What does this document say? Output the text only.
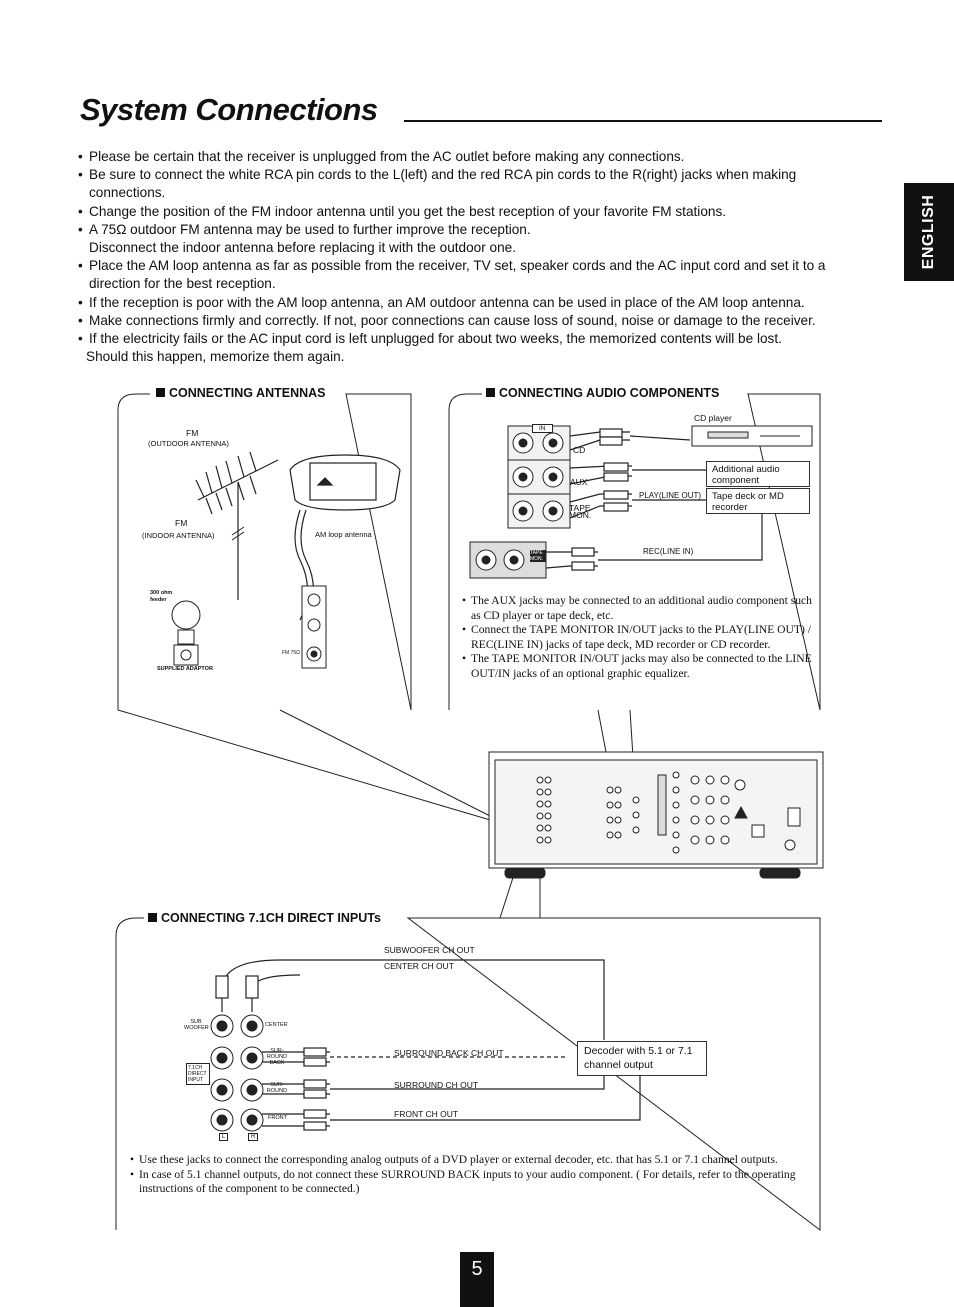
System Connections
ENGLISH
• Please be certain that the receiver is unplugged from the AC outlet before making any connections.
• Be sure to connect the white RCA pin cords to the L(left) and the red RCA pin cords to the R(right) jacks when making connections.
• Change the position of the FM indoor antenna until you get the best reception of your favorite FM stations.
• A 75Ω outdoor FM antenna may be used to further improve the reception.
Disconnect the indoor antenna before replacing it with the outdoor one.
• Place the AM loop antenna as far as possible from the receiver, TV set, speaker cords and the AC input cord and set it to a direction for the best reception.
• If the reception is poor with the AM loop antenna, an AM outdoor antenna can be used in place of the AM loop antenna.
• Make connections firmly and correctly. If not, poor connections can cause loss of sound, noise or damage to the receiver.
• If the electricity fails or the AC input cord is left unplugged for about two weeks, the memorized contents will be lost.
Should this happen, memorize them again.
CONNECTING ANTENNAS	CONNECTING AUDIO COMPONENTS
CONNECTING 7.1CH DIRECT INPUTs
FM
(OUTDOOR ANTENNA)
FM
(INDOOR ANTENNA)	AM loop antenna
300 ohm feeder
SUPPLIED ADAPTOR
FM 75Ω
CD player
IN
CD
AUX
TAPE MON.
PLAY(LINE OUT)
REC(LINE IN)
TAPE MON.
Additional audio component
Tape deck or MD recorder
• The AUX jacks may be connected to an additional audio component such as CD player or tape deck, etc.
• Connect the TAPE MONITOR IN/OUT jacks to the PLAY(LINE OUT) / REC(LINE IN) jacks of tape deck, MD recorder or CD recorder.
• The TAPE MONITOR IN/OUT jacks may also be connected to the LINE OUT/IN jacks of an optional graphic equalizer.
SUBWOOFER CH OUT
CENTER CH OUT
SURROUND BACK CH OUT
SURROUND CH OUT
FRONT CH OUT
Decoder with 5.1 or 7.1 channel output
SUB WOOFER	CENTER
SUR-ROUND BACK
SUR-ROUND
FRONT
7.1CH DIRECT INPUT
L	R
• Use these jacks to connect the corresponding analog outputs of a DVD player or external decoder, etc. that has 5.1 or 7.1 channel outputs.
• In case of 5.1 channel outputs, do not connect these SURROUND BACK inputs to your audio component. ( For details, refer to the operating instructions of the component to be connected.)
5
